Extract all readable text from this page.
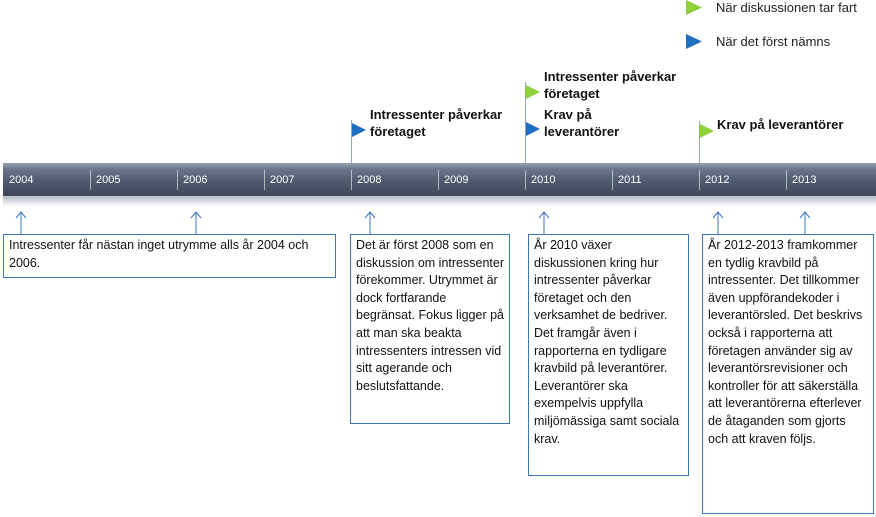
När diskussionen tar fart
När det först nämns
Intressenter påverkar
företaget
Intressenter påverkar
företaget
Krav på
leverantörer	Krav på leverantörer
2004	2005	2006	2007	2008	2009	2010	2011	2012	2013
Intressenter får nästan inget utrymme alls år 2004 och 2006.
Det är först 2008 som en diskussion om intressenter förekommer. Utrymmet är dock fortfarande begränsat. Fokus ligger på att man ska beakta intressenters intressen vid sitt agerande och beslutsfattande.
År 2010 växer diskussionen kring hur intressenter påverkar företaget och den verksamhet de bedriver. Det framgår även i rapporterna en tydligare kravbild på leverantörer. Leverantörer ska exempelvis uppfylla miljömässiga samt sociala krav.
År 2012-2013 framkommer en tydlig kravbild på intressenter. Det tillkommer även uppförandekoder i leverantörsled. Det beskrivs också i rapporterna att företagen använder sig av leverantörsrevisioner och kontroller för att säkerställa att leverantörerna efterlever de åtaganden som gjorts och att kraven följs.
